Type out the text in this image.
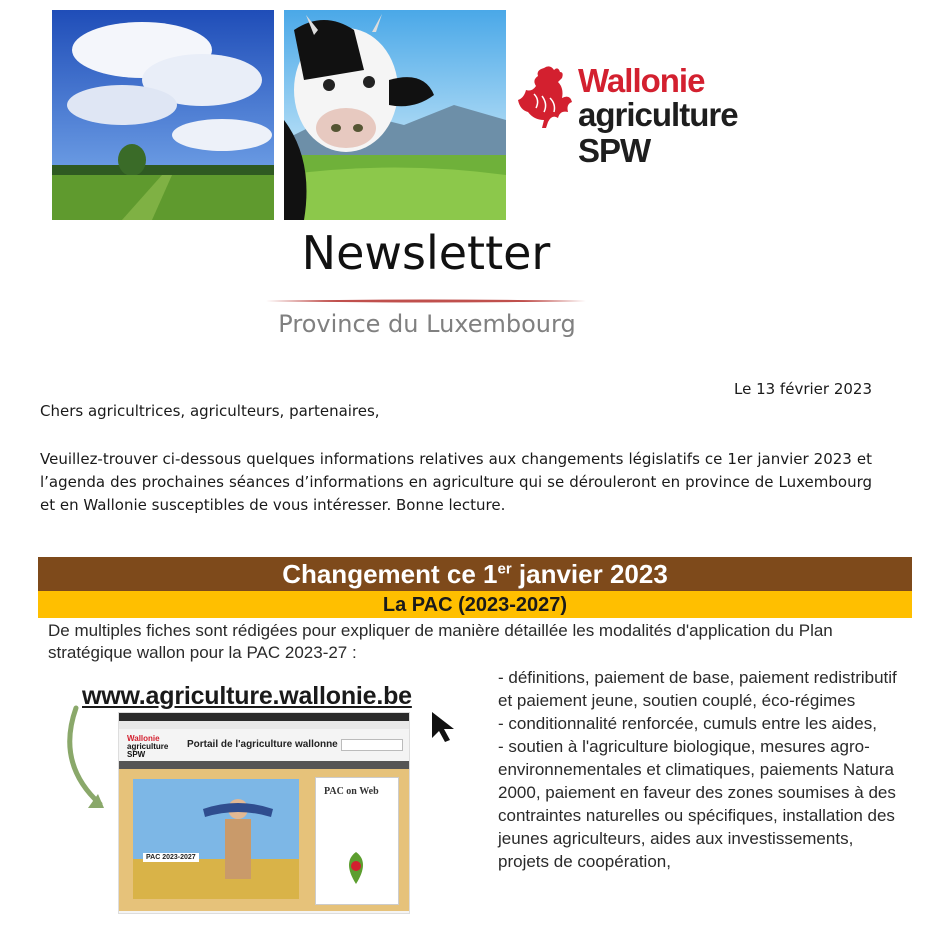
Wallonie
agriculture
SPW
Newsletter
Province du Luxembourg
Le 13 février 2023
Chers agricultrices, agriculteurs, partenaires,
Veuillez-trouver ci-dessous quelques informations relatives aux changements législatifs ce 1er janvier 2023 et l’agenda des prochaines séances d’informations en agriculture qui se dérouleront en province de Luxembourg et en Wallonie susceptibles de vous intéresser. Bonne lecture.
Changement ce 1er janvier 2023
La PAC (2023-2027)
De multiples fiches sont rédigées pour expliquer de manière détaillée les modalités d'application du Plan stratégique wallon pour la PAC 2023-27 :
www.agriculture.wallonie.be
Wallonie
agriculture
SPW
Portail de l'agriculture wallonne
PAC 2023-2027
PAC on Web
- définitions, paiement de base, paiement redistributif et paiement jeune, soutien couplé, éco-régimes
- conditionnalité renforcée, cumuls entre les aides,
- soutien à l'agriculture biologique, mesures agro-environnementales et climatiques, paiements Natura 2000, paiement en faveur des zones soumises à des contraintes naturelles ou spécifiques, installation des jeunes agriculteurs, aides aux investissements, projets de coopération,
